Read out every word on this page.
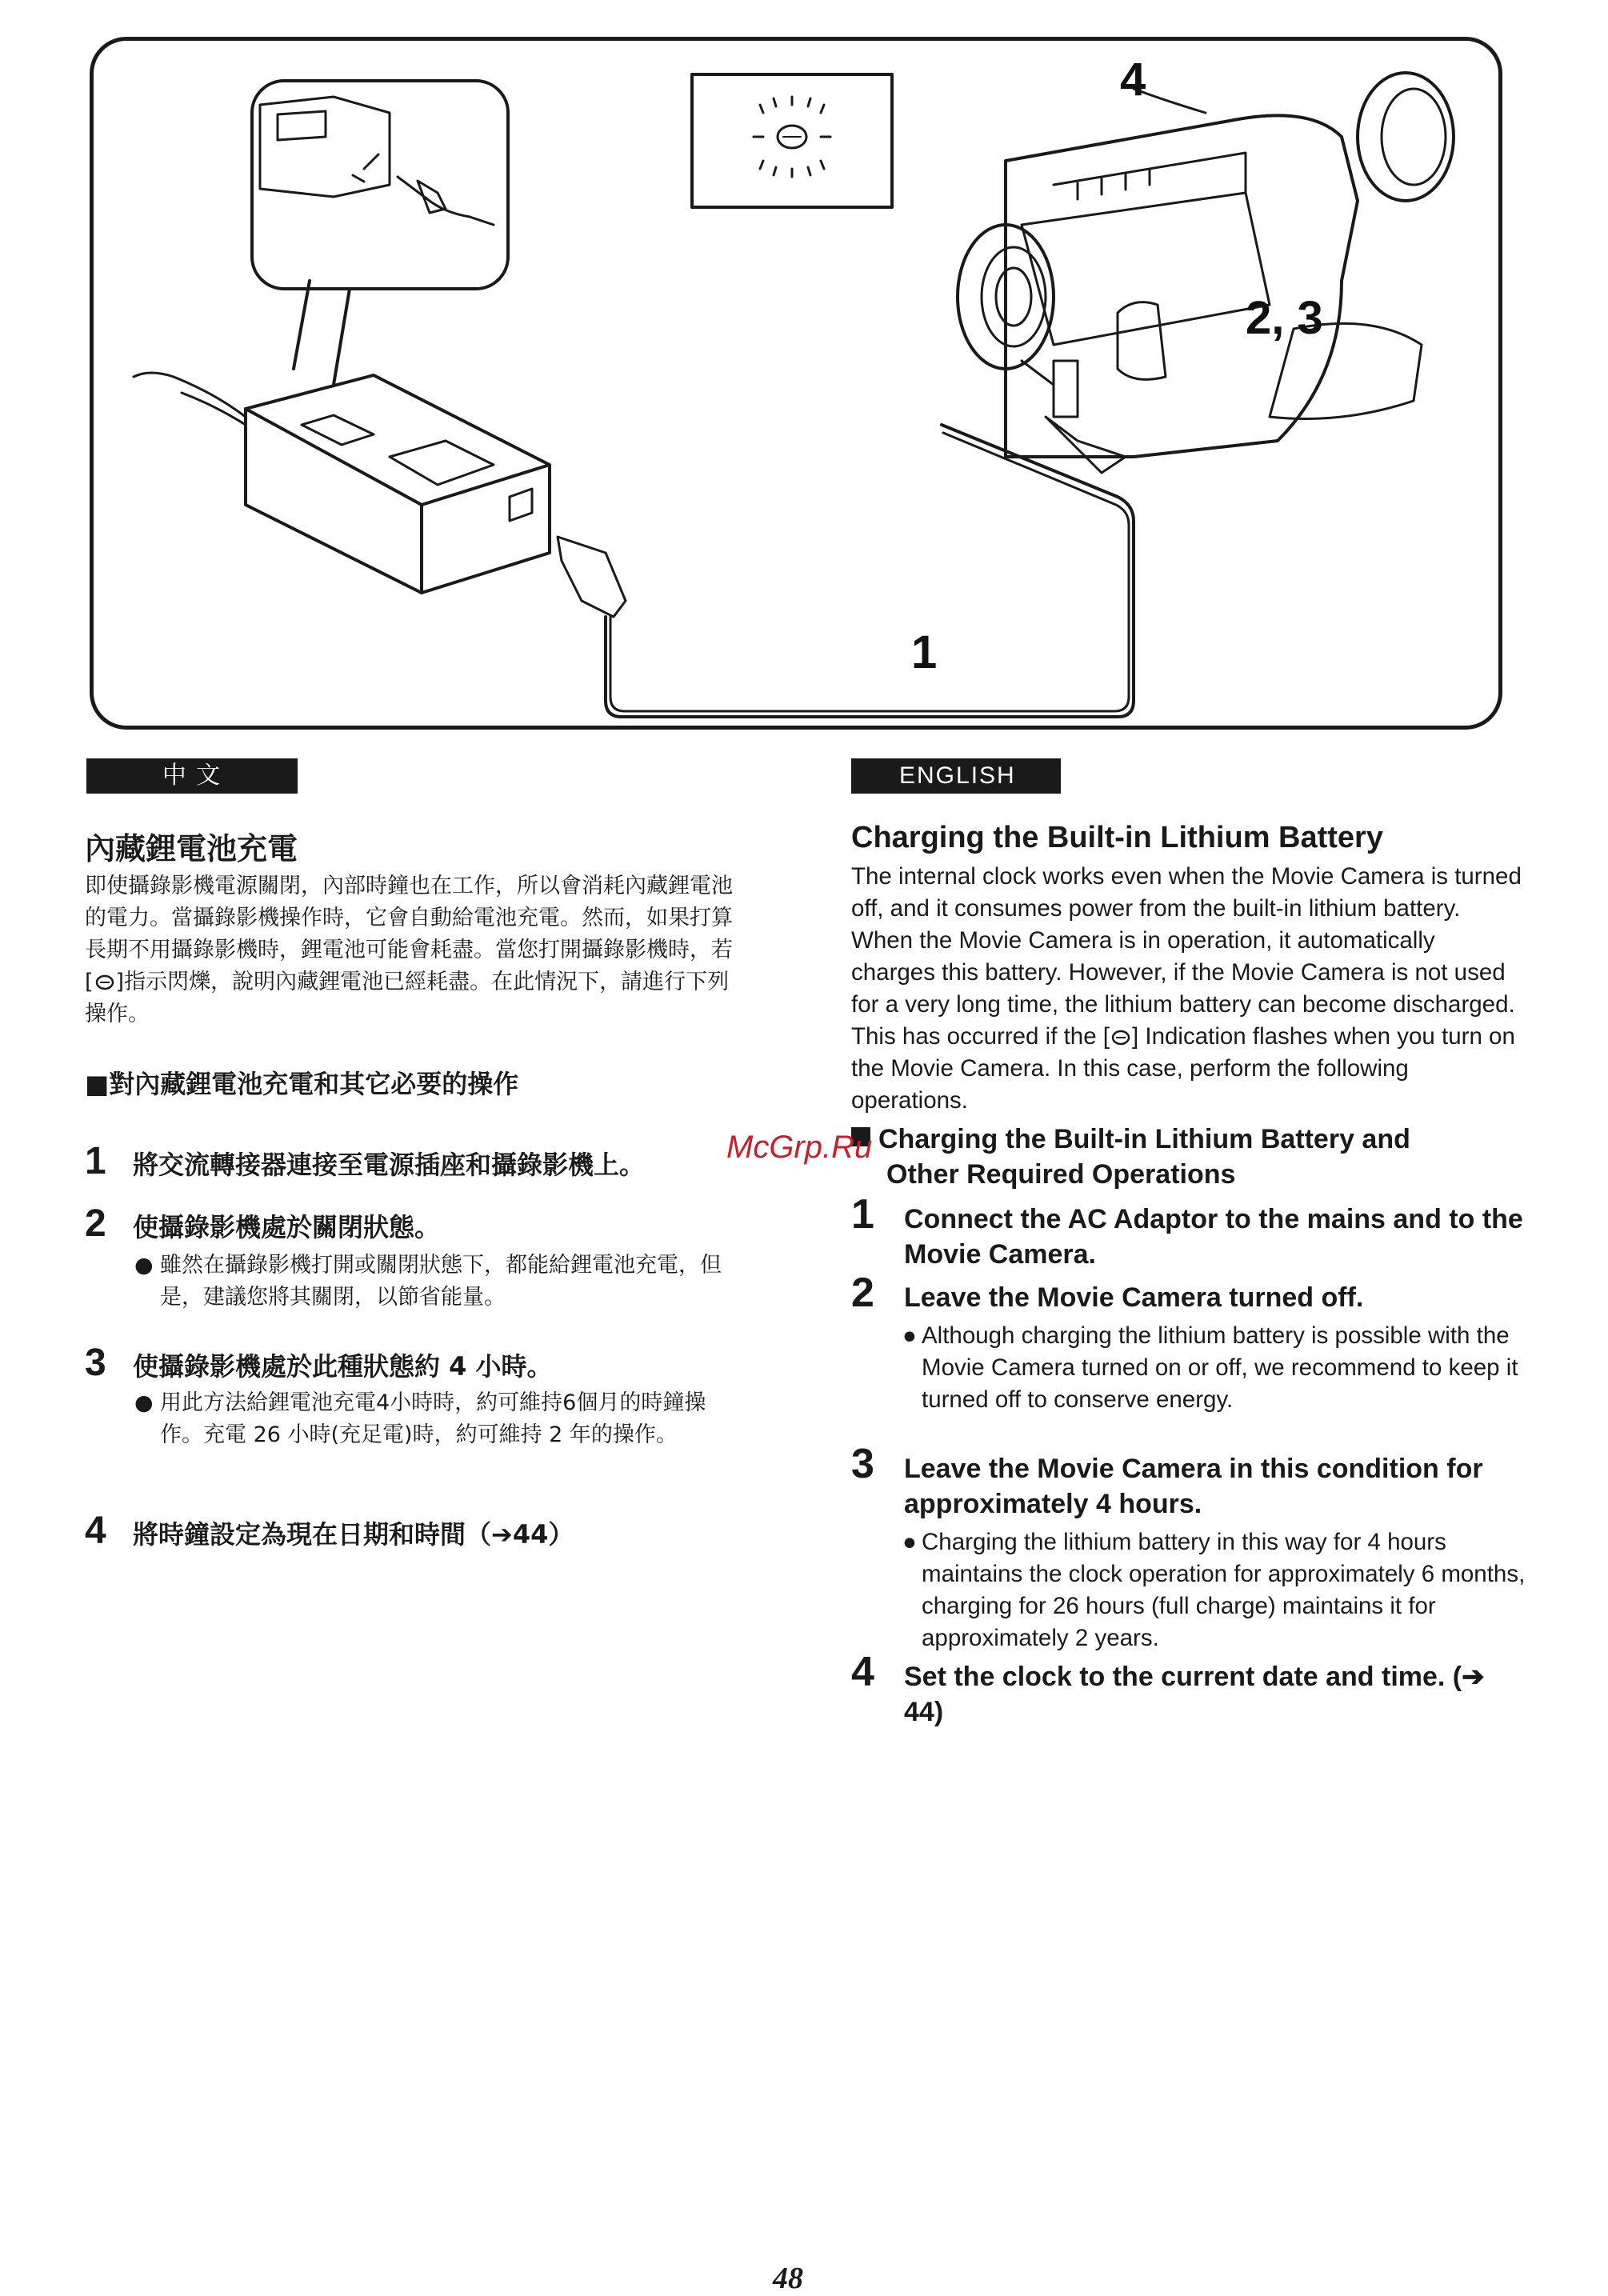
4
2, 3
1
中 文
內藏鋰電池充電
即使攝錄影機電源關閉，內部時鐘也在工作，所以會消耗內藏鋰電池的電力。當攝錄影機操作時，它會自動給電池充電。然而，如果打算長期不用攝錄影機時，鋰電池可能會耗盡。當您打開攝錄影機時，若[ ]指示閃爍，說明內藏鋰電池已經耗盡。在此情況下，請進行下列操作。
■對內藏鋰電池充電和其它必要的操作
1	將交流轉接器連接至電源插座和攝錄影機上。
2	使攝錄影機處於關閉狀態。
● 雖然在攝錄影機打開或關閉狀態下，都能給鋰電池充電，但是，建議您將其關閉，以節省能量。
3	使攝錄影機處於此種狀態約 4 小時。
● 用此方法給鋰電池充電4小時時，約可維持6個月的時鐘操作。充電 26 小時(充足電)時，約可維持 2 年的操作。
4	將時鐘設定為現在日期和時間（➔44）
ENGLISH
Charging the Built-in Lithium Battery
The internal clock works even when the Movie Camera is turned off, and it consumes power from the built-in lithium battery. When the Movie Camera is in operation, it automatically charges this battery. However, if the Movie Camera is not used for a very long time, the lithium battery can become discharged. This has occurred if the [ ] Indication flashes when you turn on the Movie Camera. In this case, perform the following operations.
Charging the Built-in Lithium Battery and
Other Required Operations
1	Connect the AC Adaptor to the mains and to the Movie Camera.
2	Leave the Movie Camera turned off.
● Although charging the lithium battery is possible with the Movie Camera turned on or off, we recommend to keep it turned off to conserve energy.
3	Leave the Movie Camera in this condition for approximately 4 hours.
● Charging the lithium battery in this way for 4 hours maintains the clock operation for approximately 6 months, charging for 26 hours (full charge) maintains it for approximately 2 years.
4	Set the clock to the current date and time. (➔ 44)
McGrp.Ru
48
